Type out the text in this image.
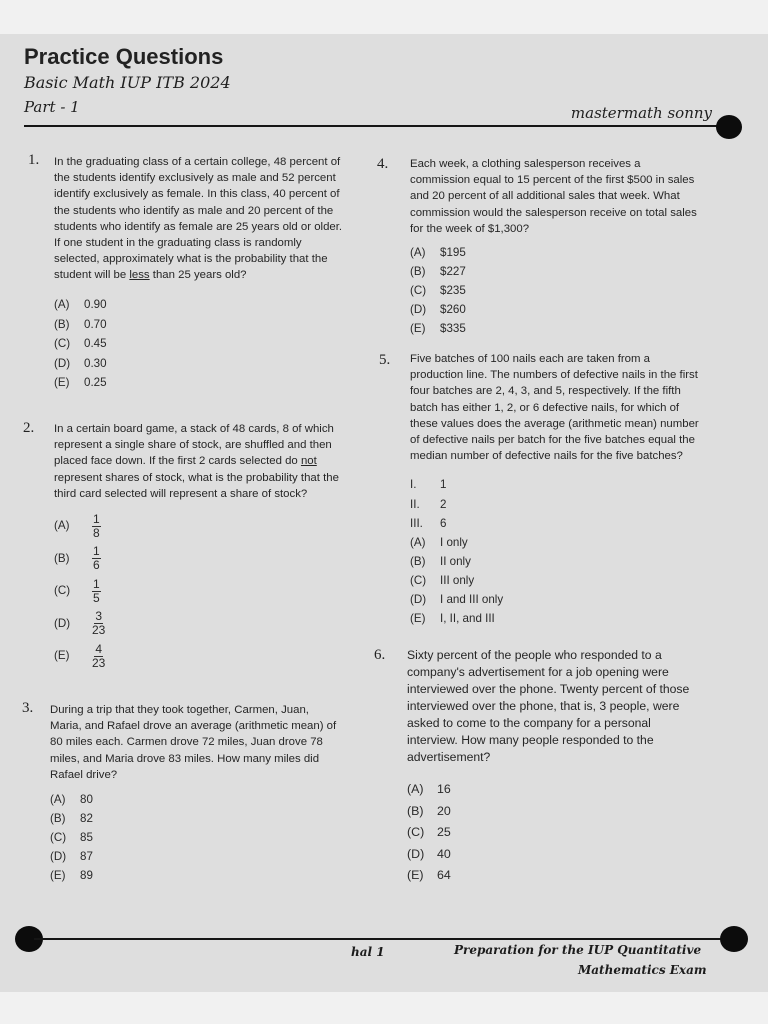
Practice Questions
Basic Math IUP ITB 2024
Part - 1	mastermath sonny
1. In the graduating class of a certain college, 48 percent of the students identify exclusively as male and 52 percent identify exclusively as female. In this class, 40 percent of the students who identify as male and 20 percent of the students who identify as female are 25 years old or older. If one student in the graduating class is randomly selected, approximately what is the probability that the student will be less than 25 years old?

(A)	0.90
(B)	0.70
(C)	0.45
(D)	0.30
(E)	0.25
2. In a certain board game, a stack of 48 cards, 8 of which represent a single share of stock, are shuffled and then placed face down. If the first 2 cards selected do not represent shares of stock, what is the probability that the third card selected will represent a share of stock?

(A)	$\frac{1}{8}$
(B)	$\frac{1}{6}$
(C)	$\frac{1}{5}$
(D)	$\frac{3}{23}$
(E)	$\frac{4}{23}$
3. During a trip that they took together, Carmen, Juan, Maria, and Rafael drove an average (arithmetic mean) of 80 miles each. Carmen drove 72 miles, Juan drove 78 miles, and Maria drove 83 miles. How many miles did Rafael drive?

(A)	80
(B)	82
(C)	85
(D)	87
(E)	89
4. Each week, a clothing salesperson receives a commission equal to 15 percent of the first $500 in sales and 20 percent of all additional sales that week. What commission would the salesperson receive on total sales for the week of $1,300?

(A)	$195
(B)	$227
(C)	$235
(D)	$260
(E)	$335
5. Five batches of 100 nails each are taken from a production line. The numbers of defective nails in the first four batches are 2, 4, 3, and 5, respectively. If the fifth batch has either 1, 2, or 6 defective nails, for which of these values does the average (arithmetic mean) number of defective nails per batch for the five batches equal the median number of defective nails for the five batches?

I.	1
II.	2
III.	6
(A)	I only
(B)	II only
(C)	III only
(D)	I and III only
(E)	I, II, and III
6. Sixty percent of the people who responded to a company's advertisement for a job opening were interviewed over the phone. Twenty percent of those interviewed over the phone, that is, 3 people, were asked to come to the company for a personal interview. How many people responded to the advertisement?

(A)	16
(B)	20
(C)	25
(D)	40
(E)	64
hal 1	Preparation for the IUP Quantitative
Mathematics Exam
